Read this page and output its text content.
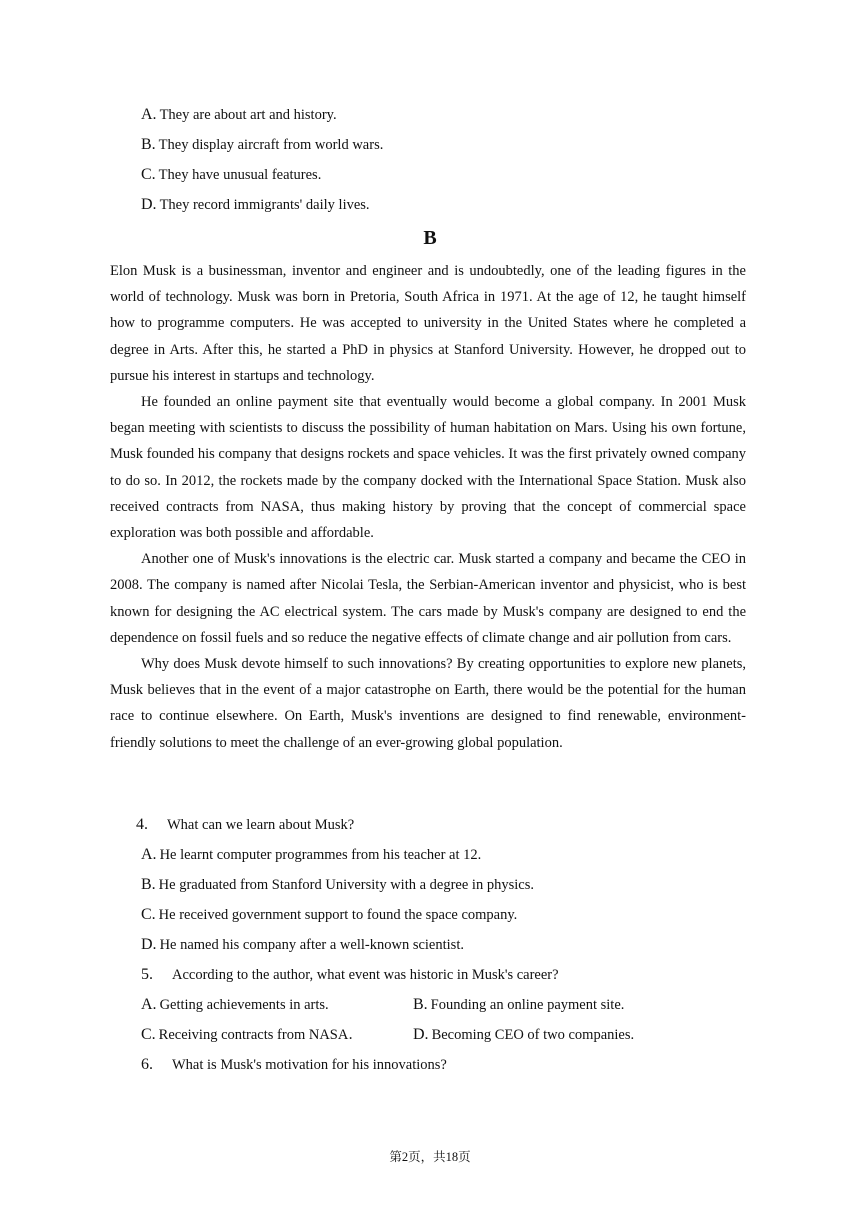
A. They are about art and history.
B. They display aircraft from world wars.
C. They have unusual features.
D. They record immigrants' daily lives.
B

Elon Musk is a businessman, inventor and engineer and is undoubtedly, one of the leading figures in the world of technology. Musk was born in Pretoria, South Africa in 1971. At the age of 12, he taught himself how to programme computers. He was accepted to university in the United States where he completed a degree in Arts. After this, he started a PhD in physics at Stanford University. However, he dropped out to pursue his interest in startups and technology.

He founded an online payment site that eventually would become a global company. In 2001 Musk began meeting with scientists to discuss the possibility of human habitation on Mars. Using his own fortune, Musk founded his company that designs rockets and space vehicles. It was the first privately owned company to do so. In 2012, the rockets made by the company docked with the International Space Station. Musk also received contracts from NASA, thus making history by proving that the concept of commercial space exploration was both possible and affordable.

Another one of Musk's innovations is the electric car. Musk started a company and became the CEO in 2008. The company is named after Nicolai Tesla, the Serbian-American inventor and physicist, who is best known for designing the AC electrical system. The cars made by Musk's company are designed to end the dependence on fossil fuels and so reduce the negative effects of climate change and air pollution from cars.

Why does Musk devote himself to such innovations? By creating opportunities to explore new planets, Musk believes that in the event of a major catastrophe on Earth, there would be the potential for the human race to continue elsewhere. On Earth, Musk's inventions are designed to find renewable, environment-friendly solutions to meet the challenge of an ever-growing global population.

4. What can we learn about Musk?
A. He learnt computer programmes from his teacher at 12.
B. He graduated from Stanford University with a degree in physics.
C. He received government support to found the space company.
D. He named his company after a well-known scientist.
5. According to the author, what event was historic in Musk's career?
A. Getting achievements in arts.	B. Founding an online payment site.
C. Receiving contracts from NASA．	D. Becoming CEO of two companies.
6. What is Musk's motivation for his innovations?
第2页，共18页
